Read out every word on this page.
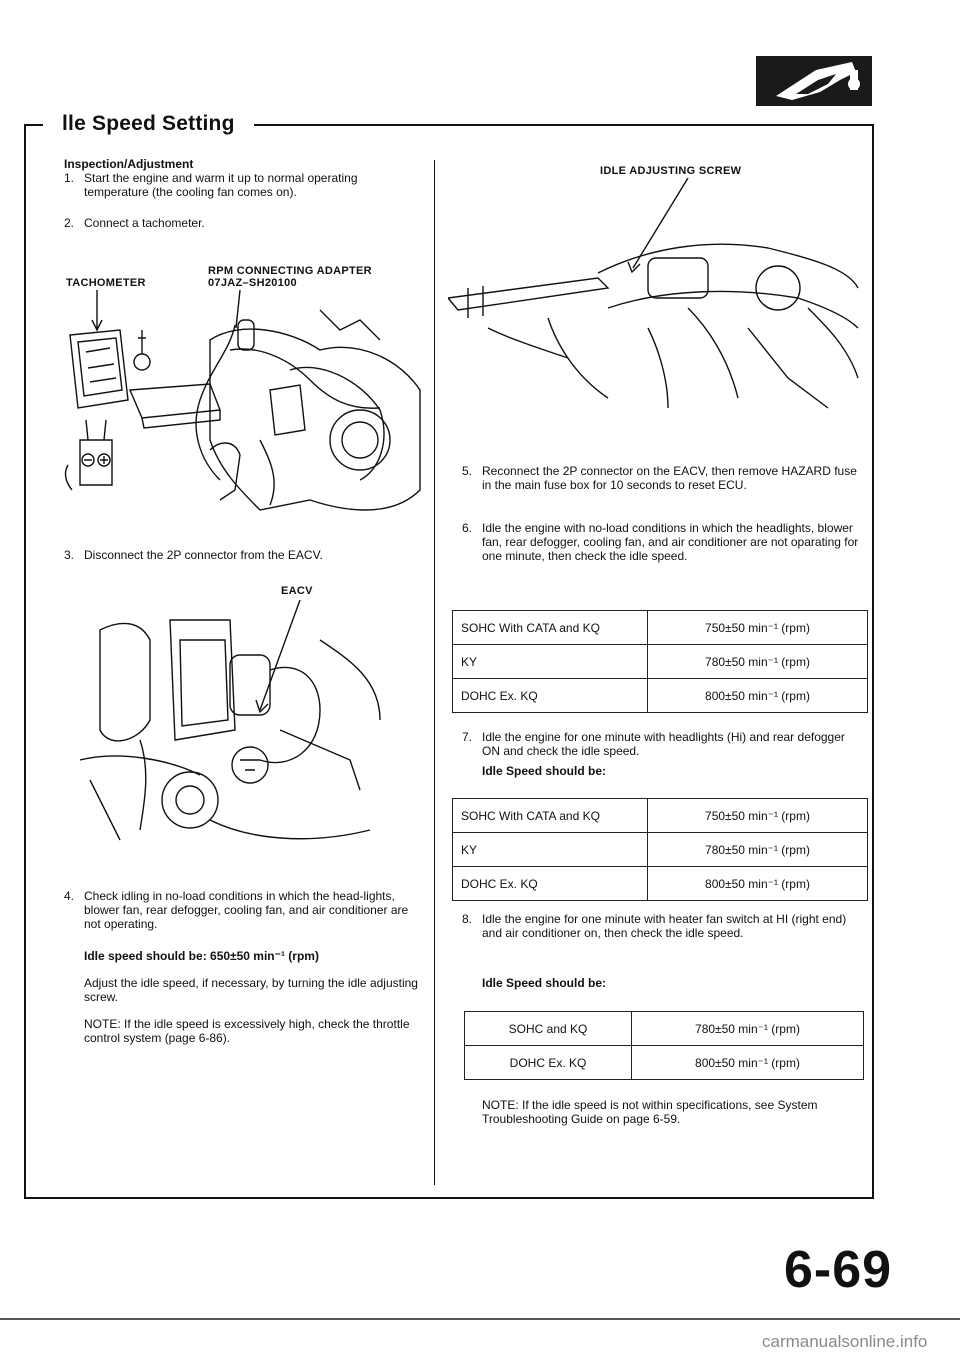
lle Speed Setting
Inspection/Adjustment
1. Start the engine and warm it up to normal operating temperature (the cooling fan comes on).
2. Connect a tachometer.
TACHOMETER
RPM CONNECTING ADAPTER
07JAZ–SH20100
3. Disconnect the 2P connector from the EACV.
EACV
4. Check idling in no-load conditions in which the head-lights, blower fan, rear defogger, cooling fan, and air conditioner are not operating.
Idle speed should be: 650±50 min⁻¹ (rpm)
Adjust the idle speed, if necessary, by turning the idle adjusting screw.
NOTE: If the idle speed is excessively high, check the throttle control system (page 6-86).
IDLE ADJUSTING SCREW
5. Reconnect the 2P connector on the EACV, then remove HAZARD fuse in the main fuse box for 10 seconds to reset ECU.
6. Idle the engine with no-load conditions in which the headlights, blower fan, rear defogger, cooling fan, and air conditioner are not oparating for one minute, then check the idle speed.
SOHC With CATA and KQ	750±50 min⁻¹ (rpm)
KY	780±50 min⁻¹ (rpm)
DOHC Ex. KQ	800±50 min⁻¹ (rpm)
7. Idle the engine for one minute with headlights (Hi) and rear defogger ON and check the idle speed.
Idle Speed should be:
SOHC With CATA and KQ	750±50 min⁻¹ (rpm)
KY	780±50 min⁻¹ (rpm)
DOHC Ex. KQ	800±50 min⁻¹ (rpm)
8. Idle the engine for one minute with heater fan switch at HI (right end) and air conditioner on, then check the idle speed.
Idle Speed should be:
SOHC and KQ	780±50 min⁻¹ (rpm)
DOHC Ex. KQ	800±50 min⁻¹ (rpm)
NOTE: If the idle speed is not within specifications, see System Troubleshooting Guide on page 6-59.
6-69
carmanualsonline.info
